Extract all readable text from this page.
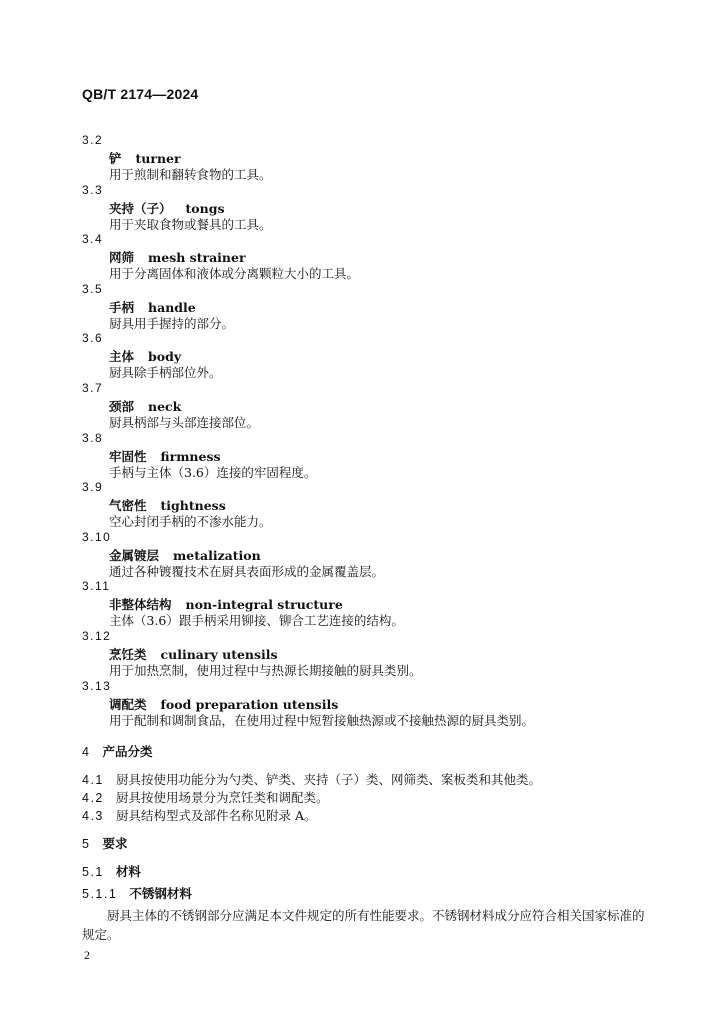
QB/T 2174—2024
3.2
铲 turner
用于煎制和翻转食物的工具。
3.3
夹持（子） tongs
用于夹取食物或餐具的工具。
3.4
网筛 mesh strainer
用于分离固体和液体或分离颗粒大小的工具。
3.5
手柄 handle
厨具用手握持的部分。
3.6
主体 body
厨具除手柄部位外。
3.7
颈部 neck
厨具柄部与头部连接部位。
3.8
牢固性 firmness
手柄与主体（3.6）连接的牢固程度。
3.9
气密性 tightness
空心封闭手柄的不渗水能力。
3.10
金属镀层 metalization
通过各种镀覆技术在厨具表面形成的金属覆盖层。
3.11
非整体结构 non-integral structure
主体（3.6）跟手柄采用铆接、铆合工艺连接的结构。
3.12
烹饪类 culinary utensils
用于加热烹制，使用过程中与热源长期接触的厨具类别。
3.13
调配类 food preparation utensils
用于配制和调制食品，在使用过程中短暂接触热源或不接触热源的厨具类别。
4 产品分类
4.1 厨具按使用功能分为勺类、铲类、夹持（子）类、网筛类、案板类和其他类。
4.2 厨具按使用场景分为烹饪类和调配类。
4.3 厨具结构型式及部件名称见附录 A。
5 要求
5.1 材料
5.1.1 不锈钢材料
厨具主体的不锈钢部分应满足本文件规定的所有性能要求。不锈钢材料成分应符合相关国家标准的规定。
2
